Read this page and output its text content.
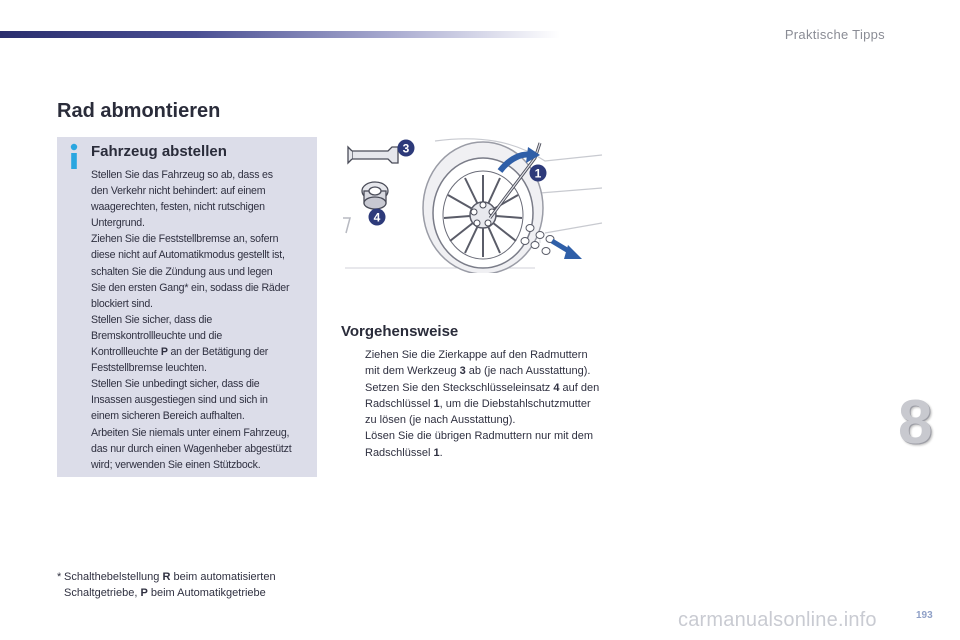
Praktische Tipps
Rad abmontieren
Fahrzeug abstellen

Stellen Sie das Fahrzeug so ab, dass es

den Verkehr nicht behindert: auf einem

waagerechten, festen, nicht rutschigen

Untergrund.

Ziehen Sie die Feststellbremse an, sofern

diese nicht auf Automatikmodus gestellt ist,

schalten Sie die Zündung aus und legen

Sie den ersten Gang* ein, sodass die Räder

blockiert sind.

Stellen Sie sicher, dass die

Bremskontrollleuchte und die

Kontrollleuchte P an der Betätigung der

Feststellbremse leuchten.

Stellen Sie unbedingt sicher, dass die

Insassen ausgestiegen sind und sich in

einem sicheren Bereich aufhalten.

Arbeiten Sie niemals unter einem Fahrzeug,

das nur durch einen Wagenheber abgestützt

wird; verwenden Sie einen Stützbock.

3
1
4
Vorgehensweise
Ziehen Sie die Zierkappe auf den Radmuttern mit dem Werkzeug 3 ab (je nach Ausstattung).
Setzen Sie den Steckschlüsseleinsatz 4 auf den Radschlüssel 1, um die Diebstahlschutzmutter zu lösen (je nach Ausstattung).
Lösen Sie die übrigen Radmuttern nur mit dem Radschlüssel 1.
* Schalthebelstellung R beim automatisierten Schaltgetriebe, P beim Automatikgetriebe
8
carmanualsonline.info	193
